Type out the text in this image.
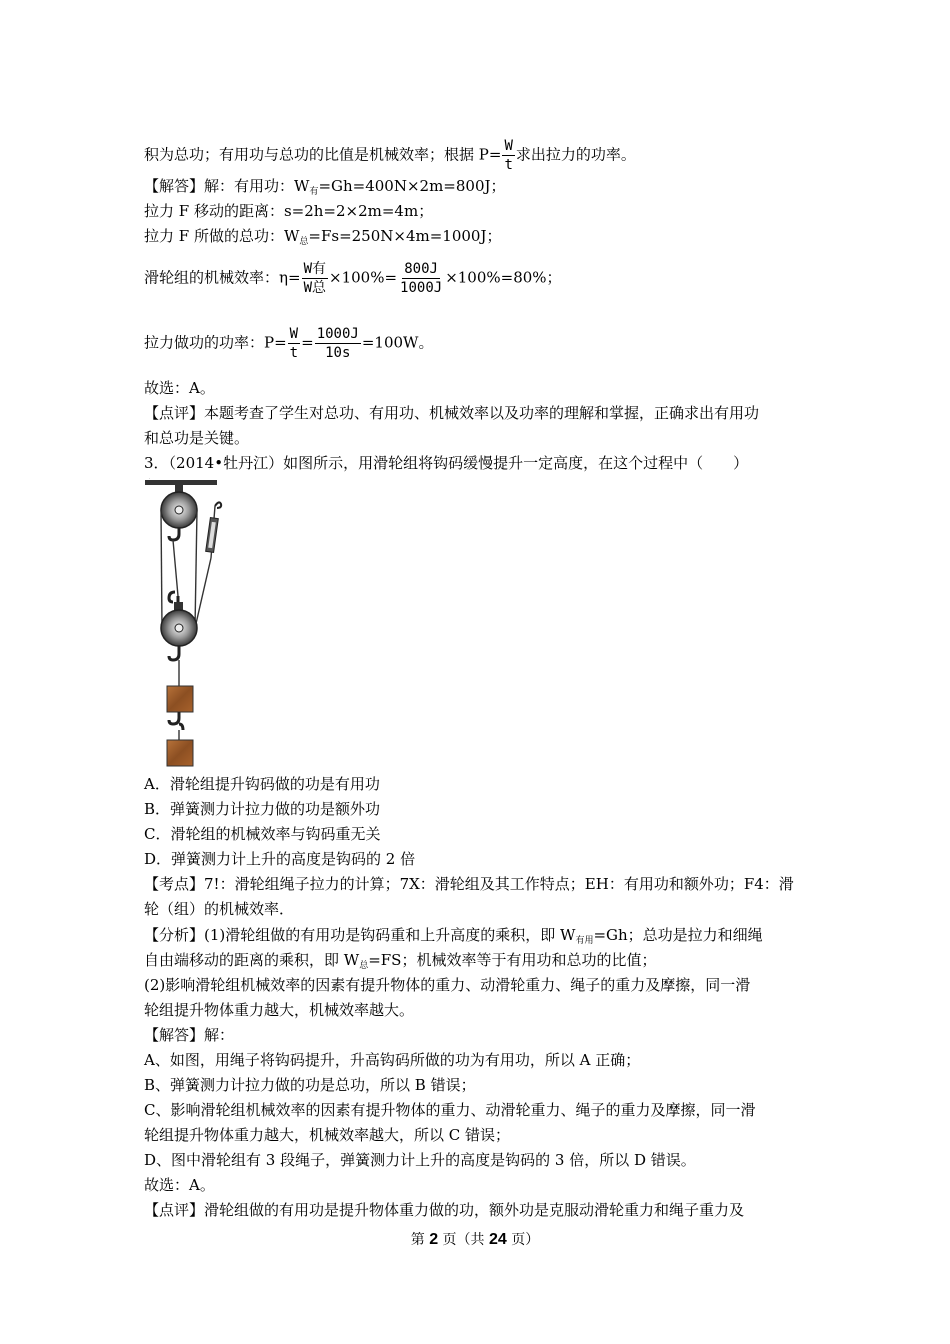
积为总功；有用功与总功的比值是机械效率；根据 $P= \frac{W}{t}$ 求出拉力的功率。
【解答】解：有用功：$W_有=Gh=400N\times 2m=800J$；
拉力 F 移动的距离：s=2h=2×2m=4m；
拉力 F 所做的总功：$W_总=Fs=250N\times 4m=1000J$；
滑轮组的机械效率：$\eta= \frac{\text{W有}}{\text{W总}} \times 100\%= \frac{800J}{1000J} \times 100\%=80\%$；
拉力做功的功率：$P= \frac{W}{t} = \frac{1000J}{10s} =100W$。
故选：A。
【点评】本题考查了学生对总功、有用功、机械效率以及功率的理解和掌握，正确求出有用功
和总功是关键。
3．（2014•牡丹江）如图所示，用滑轮组将钩码缓慢提升一定高度，在这个过程中（　　）
A．滑轮组提升钩码做的功是有用功
B．弹簧测力计拉力做的功是额外功
C．滑轮组的机械效率与钩码重无关
D．弹簧测力计上升的高度是钩码的 2 倍
【考点】7!：滑轮组绳子拉力的计算；7X：滑轮组及其工作特点；EH：有用功和额外功；F4：滑
轮（组）的机械效率．
【分析】(1)滑轮组做的有用功是钩码重和上升高度的乘积，即 $W_{有用}=Gh$；总功是拉力和细绳
自由端移动的距离的乘积，即 $W_总=FS$；机械效率等于有用功和总功的比值；
(2)影响滑轮组机械效率的因素有提升物体的重力、动滑轮重力、绳子的重力及摩擦，同一滑
轮组提升物体重力越大，机械效率越大。
【解答】解：
A、如图，用绳子将钩码提升，升高钩码所做的功为有用功，所以 A 正确；
B、弹簧测力计拉力做的功是总功，所以 B 错误；
C、影响滑轮组机械效率的因素有提升物体的重力、动滑轮重力、绳子的重力及摩擦，同一滑
轮组提升物体重力越大，机械效率越大，所以 C 错误；
D、图中滑轮组有 3 段绳子，弹簧测力计上升的高度是钩码的 3 倍，所以 D 错误。
故选：A。
【点评】滑轮组做的有用功是提升物体重力做的功，额外功是克服动滑轮重力和绳子重力及
第 2 页（共 24 页）
